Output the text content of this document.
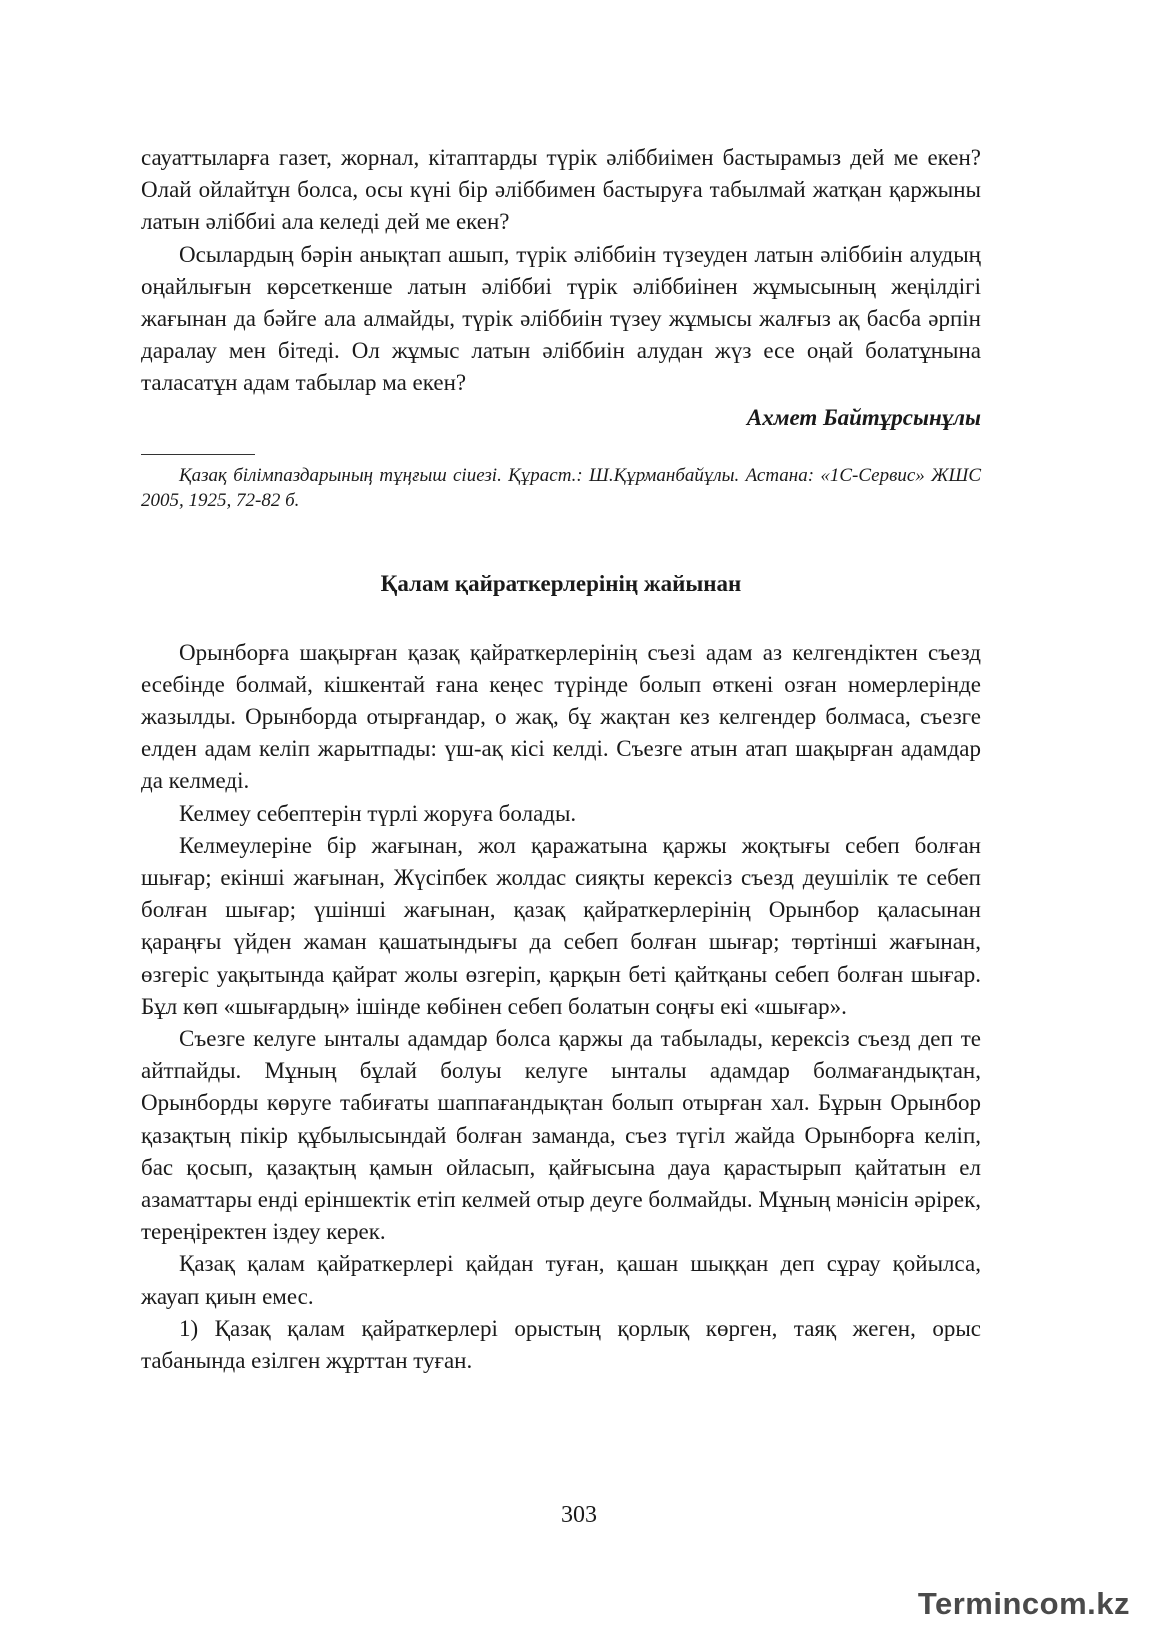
сауаттыларға газет, жорнал, кітаптарды түрік әліббиімен бастырамыз дей ме екен? Олай ойлайтұн болса, осы күні бір әліббимен бастыруға табылмай жатқан қаржыны латын әліббиі ала келеді дей ме екен?

Осылардың бәрін анықтап ашып, түрік әліббиін түзеуден латын әліббиін алудың оңайлығын көрсеткенше латын әліббиі түрік әліббиінен жұмысының жеңілдігі жағынан да бәйге ала алмайды, түрік әліббиін түзеу жұмысы жалғыз ақ басба әрпін даралау мен бітеді. Ол жұмыс латын әліббиін алудан жүз есе оңай болатұнына таласатұн адам табылар ма екен?

Ахмет Байтұрсынұлы

Қазақ білімпаздарының тұңғыш сіиезі. Құраст.: Ш.Құрманбайұлы. Астана: «1С-Сервис» ЖШС 2005, 1925, 72-82 б.

Қалам қайраткерлерінің жайынан

Орынборға шақырған қазақ қайраткерлерінің съезі адам аз келгендіктен съезд есебінде болмай, кішкентай ғана кеңес түрінде болып өткені озған номерлерінде жазылды. Орынборда отырғандар, о жақ, бұ жақтан кез келгендер болмаса, съезге елден адам келіп жарытпады: үш-ақ кісі келді. Съезге атын атап шақырған адамдар да келмеді.

Келмеу себептерін түрлі жоруға болады.

Келмеулеріне бір жағынан, жол қаражатына қаржы жоқтығы себеп болған шығар; екінші жағынан, Жүсіпбек жолдас сияқты керексіз съезд деушілік те себеп болған шығар; үшінші жағынан, қазақ қайраткерлерінің Орынбор қаласынан қараңғы үйден жаман қашатындығы да себеп болған шығар; төртінші жағынан, өзгеріс уақытында қайрат жолы өзгеріп, қарқын беті қайтқаны себеп болған шығар. Бұл көп «шығардың» ішінде көбінен себеп болатын соңғы екі «шығар».

Съезге келуге ынталы адамдар болса қаржы да табылады, керексіз съезд деп те айтпайды. Мұның бұлай болуы келуге ынталы адамдар болмағандықтан, Орынборды көруге табиғаты шаппағандықтан болып отырған хал. Бұрын Орынбор қазақтың пікір құбылысындай болған заманда, съез түгіл жайда Орынборға келіп, бас қосып, қазақтың қамын ойласып, қайғысына дауа қарастырып қайтатын ел азаматтары енді еріншектік етіп келмей отыр деуге болмайды. Мұның мәнісін әрірек, тереңіректен іздеу керек.

Қазақ қалам қайраткерлері қайдан туған, қашан шыққан деп сұрау қойылса, жауап қиын емес.

1) Қазақ қалам қайраткерлері орыстың қорлық көрген, таяқ жеген, орыс табанында езілген жұрттан туған.

303
Termincom.kz
